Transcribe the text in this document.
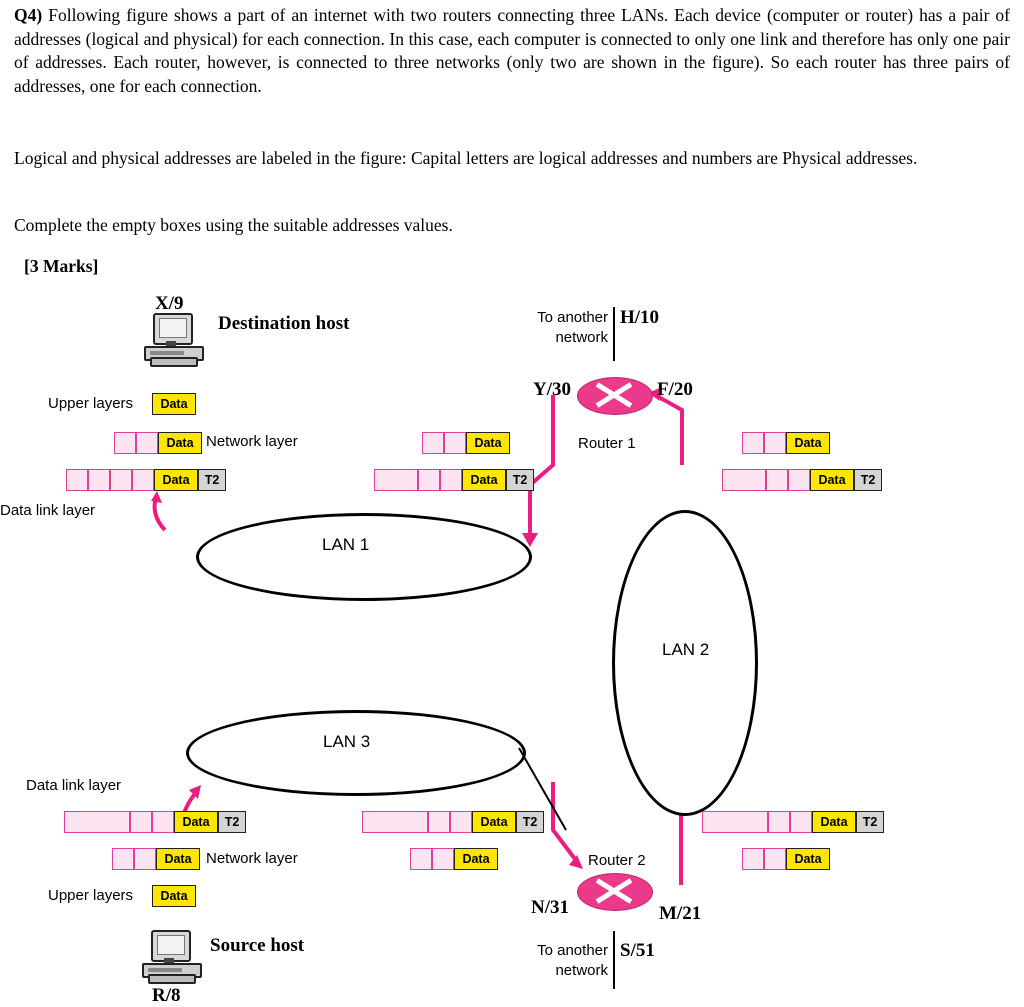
Q4) Following figure shows a part of an internet with two routers connecting three LANs. Each device (computer or router) has a pair of addresses (logical and physical) for each connection. In this case, each computer is connected to only one link and therefore has only one pair of addresses. Each router, however, is connected to three networks (only two are shown in the figure). So each router has three pairs of addresses, one for each connection.
Logical and physical addresses are labeled in the figure: Capital letters are logical addresses and numbers are Physical addresses.
Complete the empty boxes using the suitable addresses values.
[3 Marks]
LAN 1
LAN 2
LAN 3
X/9
Destination host
Upper layers	Data
Data Network layer
Data	T2
Data link layer
Data
Data	T2
Data
Data	T2
To another network
H/10
Y/30	F/20
Router 1
Data link layer
Data	T2
Data Network layer
Upper layers	Data
Source host
R/8
Data	T2
Data
Data	T2
Data
Router 2
N/31	M/21
To another network
S/51
